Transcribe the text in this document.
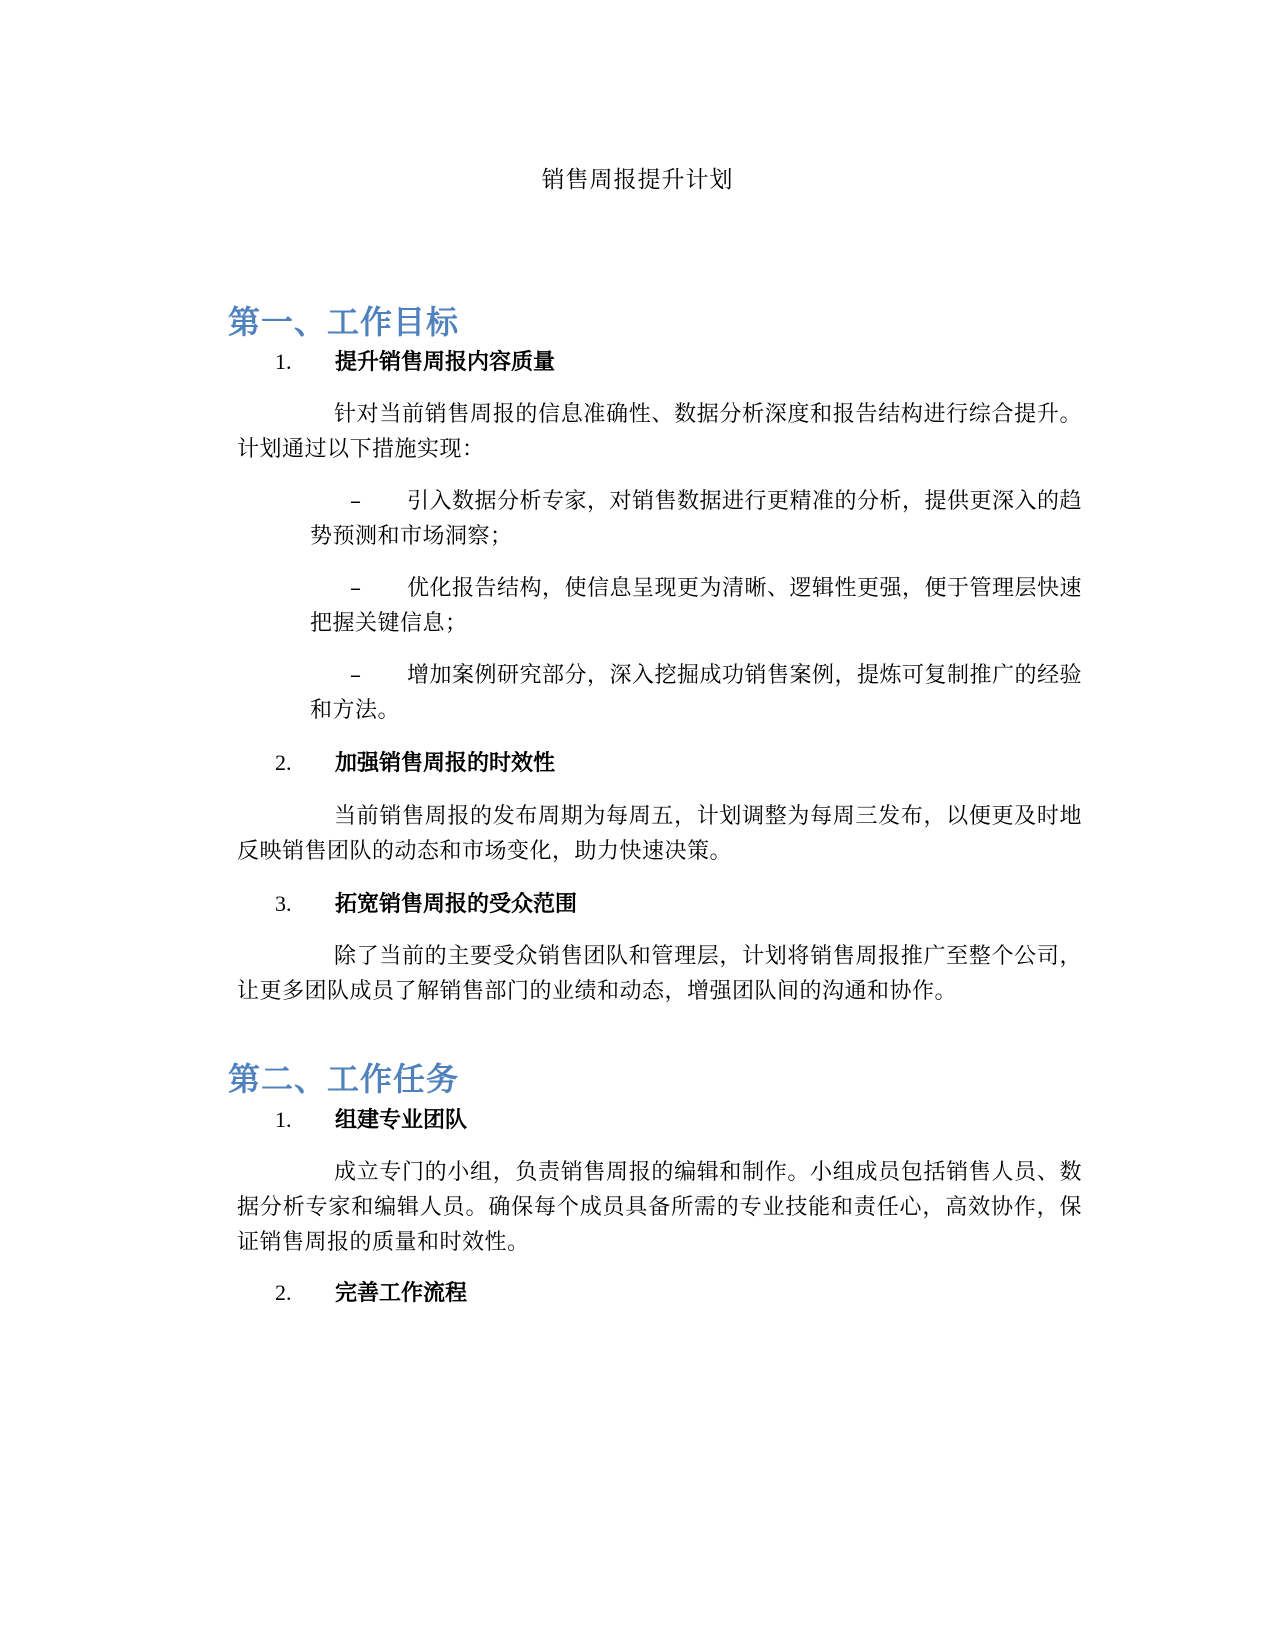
销售周报提升计划
第一、工作目标
1. 提升销售周报内容质量
针对当前销售周报的信息准确性、数据分析深度和报告结构进行综合提升。计划通过以下措施实现：
– 引入数据分析专家，对销售数据进行更精准的分析，提供更深入的趋势预测和市场洞察；
– 优化报告结构，使信息呈现更为清晰、逻辑性更强，便于管理层快速把握关键信息；
– 增加案例研究部分，深入挖掘成功销售案例，提炼可复制推广的经验和方法。
2. 加强销售周报的时效性
当前销售周报的发布周期为每周五，计划调整为每周三发布，以便更及时地反映销售团队的动态和市场变化，助力快速决策。
3. 拓宽销售周报的受众范围
除了当前的主要受众销售团队和管理层，计划将销售周报推广至整个公司，让更多团队成员了解销售部门的业绩和动态，增强团队间的沟通和协作。
第二、工作任务
1. 组建专业团队
成立专门的小组，负责销售周报的编辑和制作。小组成员包括销售人员、数据分析专家和编辑人员。确保每个成员具备所需的专业技能和责任心，高效协作，保证销售周报的质量和时效性。
2. 完善工作流程
